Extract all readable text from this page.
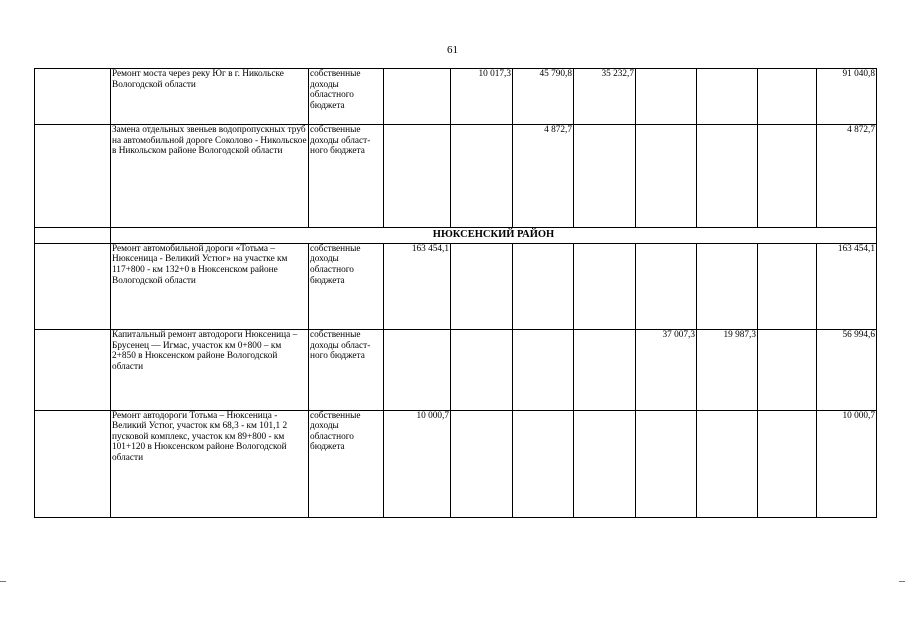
61
	Ремонт моста через реку Юг в г. Никольске Вологодской области	собственные доходы областного бюджета		10 017,3	45 790,8	35 232,7				91 040,8
	Замена отдельных звеньев водопропускных труб на автомобильной дороге Соколово - Никольское в Никольском районе Вологодской области	собственные доходы област-ного бюджета			4 872,7					4 872,7
	НЮКСЕНСКИЙ РАЙОН									
	Ремонт автомобильной дороги «Тотьма – Нюксеница - Великий Устюг» на участке км 117+800 - км 132+0 в Нюксенском районе Вологодской области	собственные доходы областного бюджета	163 454,1							163 454,1
	Капитальный ремонт автодороги Нюксеница – Брусенец — Игмас, участок км 0+800 – км 2+850 в Нюксенском районе Вологодской области	собственные доходы област-ного бюджета					37 007,3	19 987,3		56 994,6
	Ремонт автодороги Тотьма – Нюксеница - Великий Устюг, участок км 68,3 - км 101,1 2 пусковой комплекс, участок км 89+800 - км 101+120 в Нюксенском районе Вологодской области	собственные доходы областного бюджета	10 000,7							10 000,7
